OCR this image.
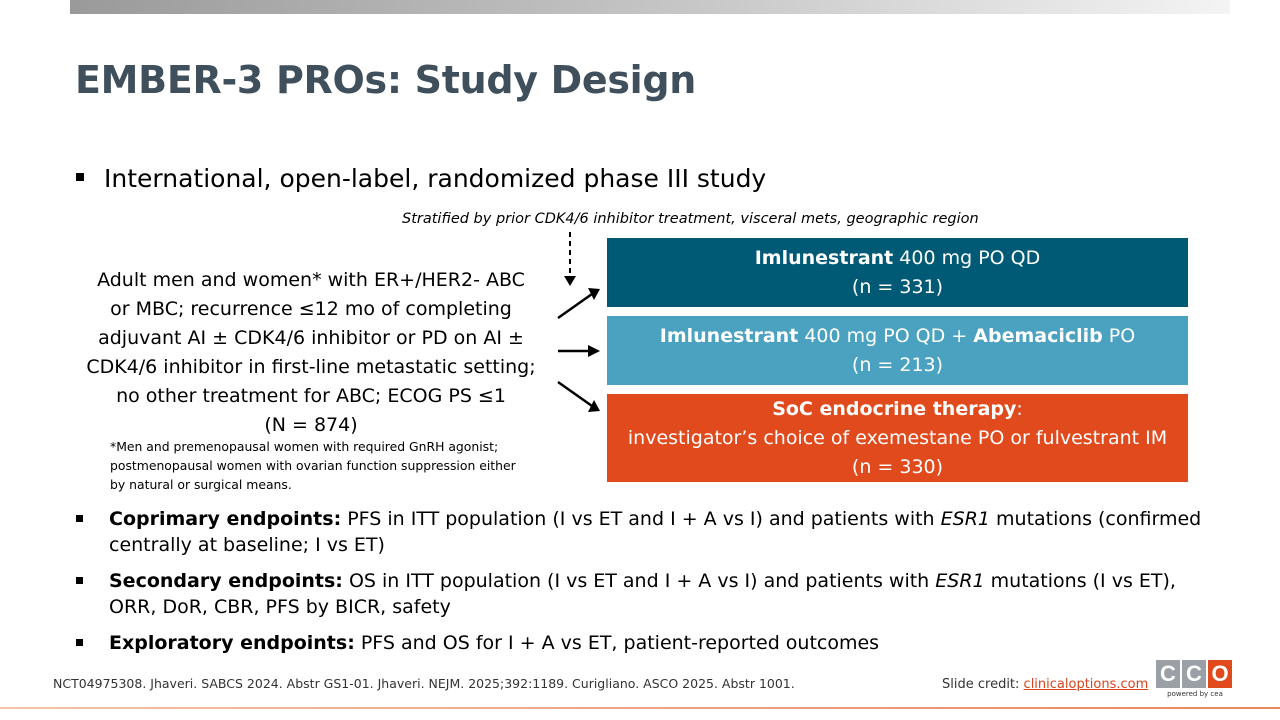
EMBER-3 PROs: Study Design
International, open-label, randomized phase III study
Stratified by prior CDK4/6 inhibitor treatment, visceral mets, geographic region
Adult men and women* with ER+/HER2- ABC
or MBC; recurrence ≤12 mo of completing
adjuvant AI ± CDK4/6 inhibitor or PD on AI ±
CDK4/6 inhibitor in first-line metastatic setting;
no other treatment for ABC; ECOG PS ≤1
(N = 874)
*Men and premenopausal women with required GnRH agonist;
postmenopausal women with ovarian function suppression either
by natural or surgical means.
Imlunestrant 400 mg PO QD
(n = 331)
Imlunestrant 400 mg PO QD + Abemaciclib PO
(n = 213)
SoC endocrine therapy:
investigator’s choice of exemestane PO or fulvestrant IM
(n = 330)
Coprimary endpoints: PFS in ITT population (I vs ET and I + A vs I) and patients with ESR1 mutations (confirmed centrally at baseline; I vs ET)
Secondary endpoints: OS in ITT population (I vs ET and I + A vs I) and patients with ESR1 mutations (I vs ET), ORR, DoR, CBR, PFS by BICR, safety
Exploratory endpoints: PFS and OS for I + A vs ET, patient-reported outcomes
NCT04975308. Jhaveri. SABCS 2024. Abstr GS1-01. Jhaveri. NEJM. 2025;392:1189. Curigliano. ASCO 2025. Abstr 1001.	Slide credit: clinicaloptions.com C C O
powered by cea
